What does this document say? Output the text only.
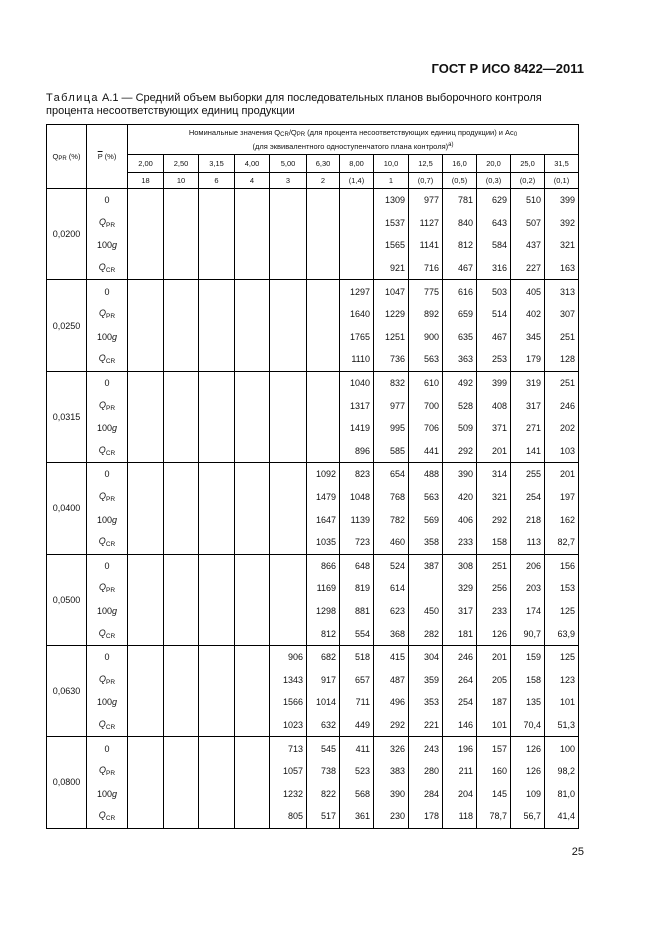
ГОСТ Р ИСО 8422—2011
Таблица А.1 — Средний объем выборки для последовательных планов выборочного контроля процента несоответствующих единиц продукции
QPR (%)	$\overline{P}$ (%)	Номинальные значения QCR/QPR (для процента несоответствующих единиц продукции) и Ac0
(для эквивалентного одноступенчатого плана контроля)$^{a)}$
		2,00	2,50	3,15	4,00	5,00	6,30	8,00	10,0	12,5	16,0	20,0	25,0	31,5
		18	10	6	4	3	2	(1,4)	1	(0,7)	(0,5)	(0,3)	(0,2)	(0,1)
0,0200	0								1309	977	781	629	510	399
	$Q_{PR}$								1537	1127	840	643	507	392
	100g								1565	1141	812	584	437	321
	$Q_{CR}$								921	716	467	316	227	163
0,0250	0							1297	1047	775	616	503	405	313
	$Q_{PR}$							1640	1229	892	659	514	402	307
	100g							1765	1251	900	635	467	345	251
	$Q_{CR}$							1110	736	563	363	253	179	128
0,0315	0							1040	832	610	492	399	319	251
	$Q_{PR}$							1317	977	700	528	408	317	246
	100g							1419	995	706	509	371	271	202
	$Q_{CR}$							896	585	441	292	201	141	103
0,0400	0						1092	823	654	488	390	314	255	201
	$Q_{PR}$						1479	1048	768	563	420	321	254	197
	100g						1647	1139	782	569	406	292	218	162
	$Q_{CR}$						1035	723	460	358	233	158	113	82,7
0,0500	0						866	648	524	387	308	251	206	156
	$Q_{PR}$						1169	819	614		329	256	203	153
	100g						1298	881	623	450	317	233	174	125
	$Q_{CR}$						812	554	368	282	181	126	90,7	63,9
0,0630	0					906	682	518	415	304	246	201	159	125
	$Q_{PR}$					1343	917	657	487	359	264	205	158	123
	100g					1566	1014	711	496	353	254	187	135	101
	$Q_{CR}$					1023	632	449	292	221	146	101	70,4	51,3
0,0800	0					713	545	411	326	243	196	157	126	100
	$Q_{PR}$					1057	738	523	383	280	211	160	126	98,2
	100g					1232	822	568	390	284	204	145	109	81,0
	$Q_{CR}$					805	517	361	230	178	118	78,7	56,7	41,4
25
